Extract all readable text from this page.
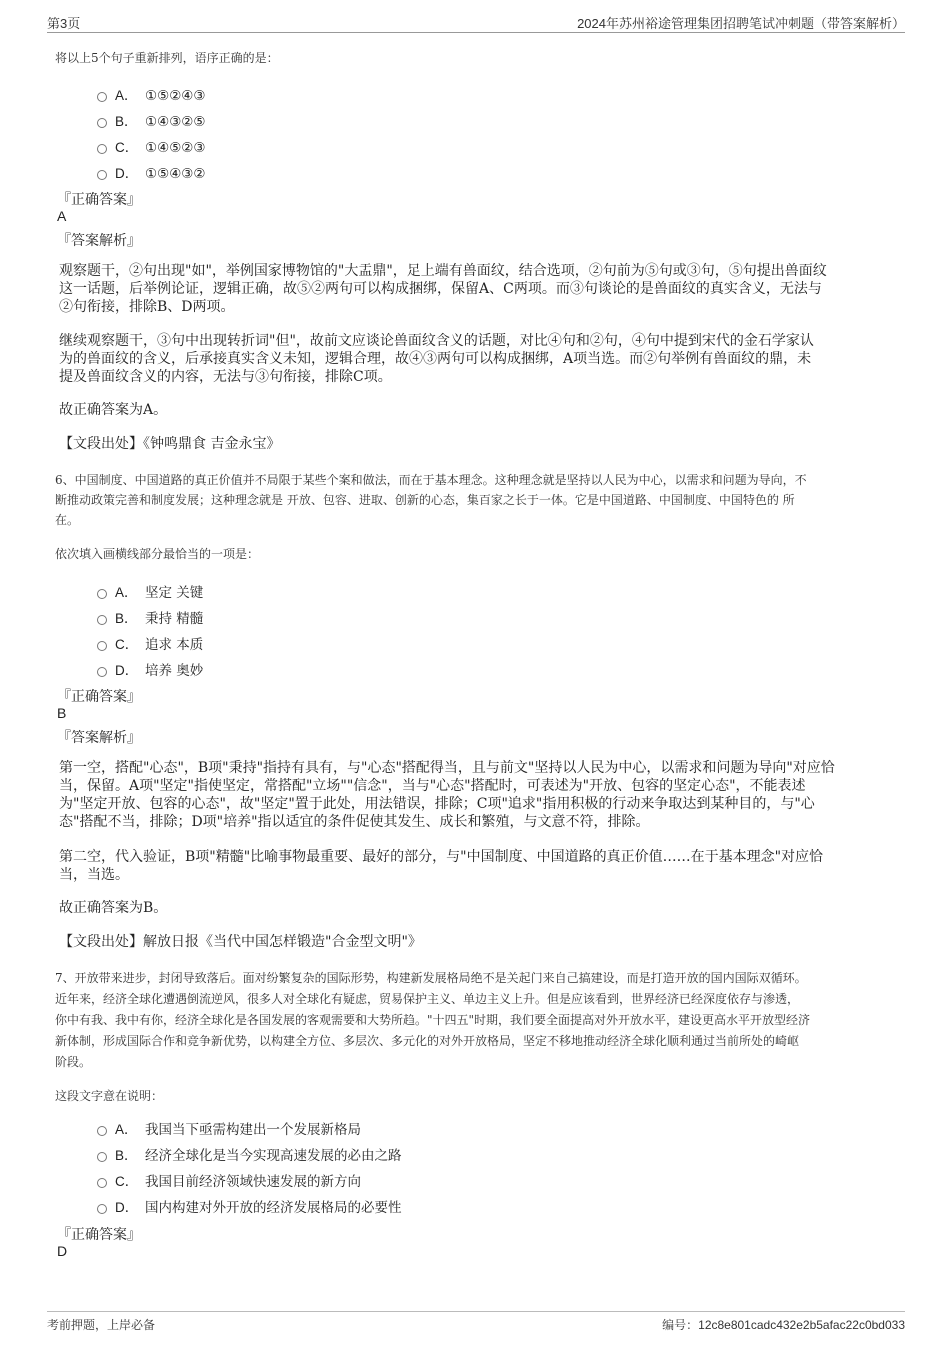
第3页	2024年苏州裕途管理集团招聘笔试冲刺题（带答案解析）
将以上5个句子重新排列，语序正确的是：
A． ①⑤②④③
B． ①④③②⑤
C． ①④⑤②③
D． ①⑤④③②
『正确答案』
A
『答案解析』
观察题干，②句出现"如"，举例国家博物馆的"大盂鼎"，足上端有兽面纹，结合选项，②句前为⑤句或③句，⑤句提出兽面纹
这一话题，后举例论证，逻辑正确，故⑤②两句可以构成捆绑，保留A、C两项。而③句谈论的是兽面纹的真实含义，无法与
②句衔接，排除B、D两项。
继续观察题干，③句中出现转折词"但"，故前文应谈论兽面纹含义的话题，对比④句和②句，④句中提到宋代的金石学家认
为的兽面纹的含义，后承接真实含义未知，逻辑合理，故④③两句可以构成捆绑，A项当选。而②句举例有兽面纹的鼎，未
提及兽面纹含义的内容，无法与③句衔接，排除C项。
故正确答案为A。
【文段出处】《钟鸣鼎食 吉金永宝》
6、中国制度、中国道路的真正价值并不局限于某些个案和做法，而在于基本理念。这种理念就是坚持以人民为中心，以需求和问题为导向，不
断推动政策完善和制度发展；这种理念就是 开放、包容、进取、创新的心态，集百家之长于一体。它是中国道路、中国制度、中国特色的 所
在。
依次填入画横线部分最恰当的一项是：
A． 坚定 关键
B． 秉持 精髓
C． 追求 本质
D． 培养 奥妙
『正确答案』
B
『答案解析』
第一空，搭配"心态"，B项"秉持"指持有具有，与"心态"搭配得当，且与前文"坚持以人民为中心，以需求和问题为导向"对应恰
当，保留。A项"坚定"指使坚定，常搭配"立场""信念"，当与"心态"搭配时，可表述为"开放、包容的坚定心态"，不能表述
为"坚定开放、包容的心态"，故"坚定"置于此处，用法错误，排除；C项"追求"指用积极的行动来争取达到某种目的，与"心
态"搭配不当，排除；D项"培养"指以适宜的条件促使其发生、成长和繁殖，与文意不符，排除。
第二空，代入验证，B项"精髓"比喻事物最重要、最好的部分，与"中国制度、中国道路的真正价值……在于基本理念"对应恰
当，当选。
故正确答案为B。
【文段出处】解放日报《当代中国怎样锻造"合金型文明"》
7、开放带来进步，封闭导致落后。面对纷繁复杂的国际形势，构建新发展格局绝不是关起门来自己搞建设，而是打造开放的国内国际双循环。
近年来，经济全球化遭遇倒流逆风，很多人对全球化有疑虑，贸易保护主义、单边主义上升。但是应该看到，世界经济已经深度依存与渗透，
你中有我、我中有你，经济全球化是各国发展的客观需要和大势所趋。"十四五"时期，我们要全面提高对外开放水平，建设更高水平开放型经济
新体制，形成国际合作和竞争新优势，以构建全方位、多层次、多元化的对外开放格局，坚定不移地推动经济全球化顺利通过当前所处的崎岖
阶段。
这段文字意在说明：
A． 我国当下亟需构建出一个发展新格局
B． 经济全球化是当今实现高速发展的必由之路
C． 我国目前经济领域快速发展的新方向
D． 国内构建对外开放的经济发展格局的必要性
『正确答案』
D
考前押题，上岸必备	编号：12c8e801cadc432e2b5afac22c0bd033
